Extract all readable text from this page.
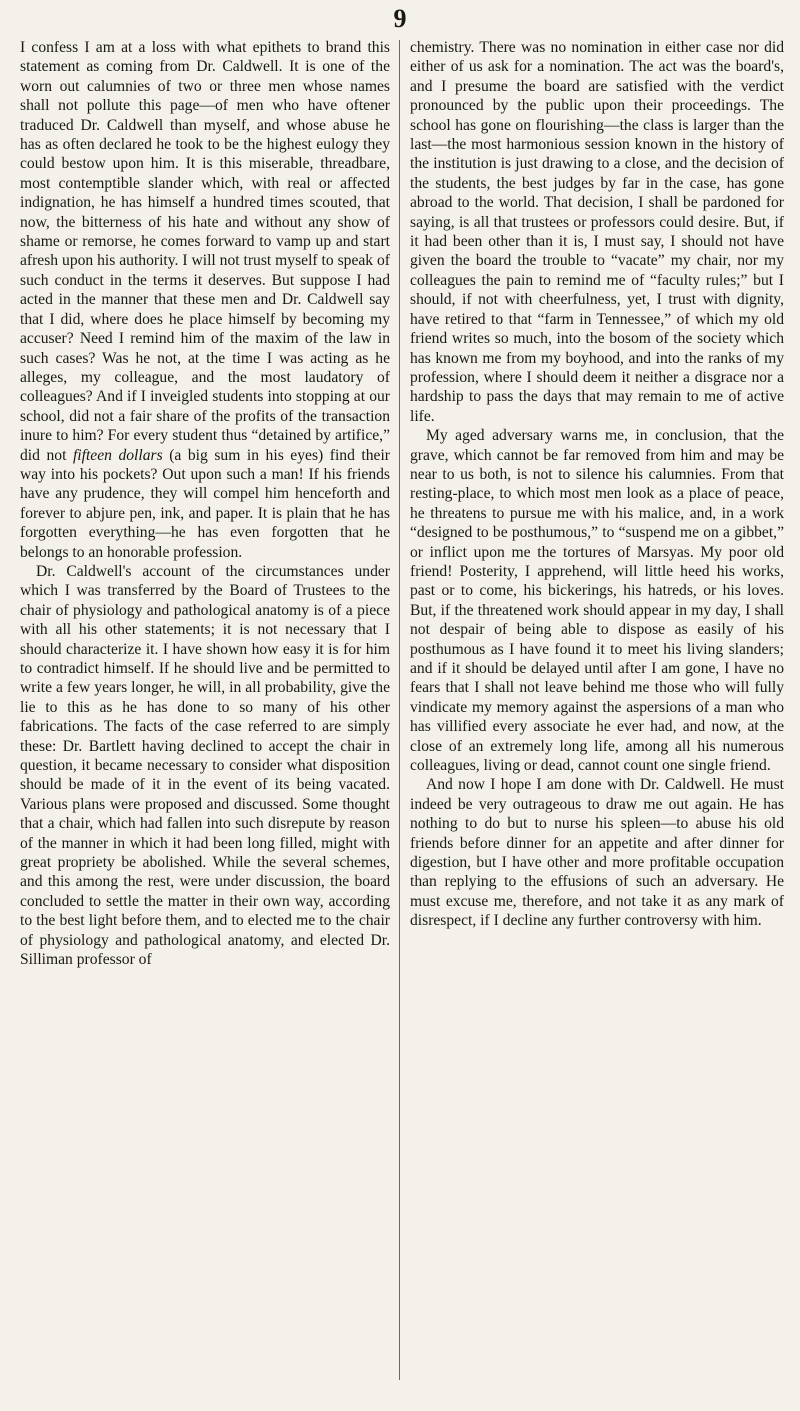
9

I confess I am at a loss with what epithets to brand this statement as coming from Dr. Caldwell. It is one of the worn out calumnies of two or three men whose names shall not pollute this page—of men who have oftener traduced Dr. Caldwell than myself, and whose abuse he has as often declared he took to be the highest eulogy they could bestow upon him. It is this miserable, threadbare, most contemptible slander which, with real or affected indignation, he has himself a hundred times scouted, that now, the bitterness of his hate and without any show of shame or remorse, he comes forward to vamp up and start afresh upon his authority. I will not trust myself to speak of such conduct in the terms it deserves. But suppose I had acted in the manner that these men and Dr. Caldwell say that I did, where does he place himself by becoming my accuser? Need I remind him of the maxim of the law in such cases? Was he not, at the time I was acting as he alleges, my colleague, and the most laudatory of colleagues? And if I inveigled students into stopping at our school, did not a fair share of the profits of the transaction inure to him? For every student thus “detained by artifice,” did not fifteen dollars (a big sum in his eyes) find their way into his pockets? Out upon such a man! If his friends have any prudence, they will compel him henceforth and forever to abjure pen, ink, and paper. It is plain that he has forgotten everything—he has even forgotten that he belongs to an honorable profession.

Dr. Caldwell's account of the circumstances under which I was transferred by the Board of Trustees to the chair of physiology and pathological anatomy is of a piece with all his other statements; it is not necessary that I should characterize it. I have shown how easy it is for him to contradict himself. If he should live and be permitted to write a few years longer, he will, in all probability, give the lie to this as he has done to so many of his other fabrications. The facts of the case referred to are simply these: Dr. Bartlett having declined to accept the chair in question, it became necessary to consider what disposition should be made of it in the event of its being vacated. Various plans were proposed and discussed. Some thought that a chair, which had fallen into such disrepute by reason of the manner in which it had been long filled, might with great propriety be abolished. While the several schemes, and this among the rest, were under discussion, the board concluded to settle the matter in their own way, according to the best light before them, and to elected me to the chair of physiology and pathological anatomy, and elected Dr. Silliman professor of

chemistry. There was no nomination in either case nor did either of us ask for a nomination. The act was the board's, and I presume the board are satisfied with the verdict pronounced by the public upon their proceedings. The school has gone on flourishing—the class is larger than the last—the most harmonious session known in the history of the institution is just drawing to a close, and the decision of the students, the best judges by far in the case, has gone abroad to the world. That decision, I shall be pardoned for saying, is all that trustees or professors could desire. But, if it had been other than it is, I must say, I should not have given the board the trouble to “vacate” my chair, nor my colleagues the pain to remind me of “faculty rules;” but I should, if not with cheerfulness, yet, I trust with dignity, have retired to that “farm in Tennessee,” of which my old friend writes so much, into the bosom of the society which has known me from my boyhood, and into the ranks of my profession, where I should deem it neither a disgrace nor a hardship to pass the days that may remain to me of active life.

My aged adversary warns me, in conclusion, that the grave, which cannot be far removed from him and may be near to us both, is not to silence his calumnies. From that resting-place, to which most men look as a place of peace, he threatens to pursue me with his malice, and, in a work “designed to be posthumous,” to “suspend me on a gibbet,” or inflict upon me the tortures of Marsyas. My poor old friend! Posterity, I apprehend, will little heed his works, past or to come, his bickerings, his hatreds, or his loves. But, if the threatened work should appear in my day, I shall not despair of being able to dispose as easily of his posthumous as I have found it to meet his living slanders; and if it should be delayed until after I am gone, I have no fears that I shall not leave behind me those who will fully vindicate my memory against the aspersions of a man who has villified every associate he ever had, and now, at the close of an extremely long life, among all his numerous colleagues, living or dead, cannot count one single friend.

And now I hope I am done with Dr. Caldwell. He must indeed be very outrageous to draw me out again. He has nothing to do but to nurse his spleen—to abuse his old friends before dinner for an appetite and after dinner for digestion, but I have other and more profitable occupation than replying to the effusions of such an adversary. He must excuse me, therefore, and not take it as any mark of disrespect, if I decline any further controversy with him.
